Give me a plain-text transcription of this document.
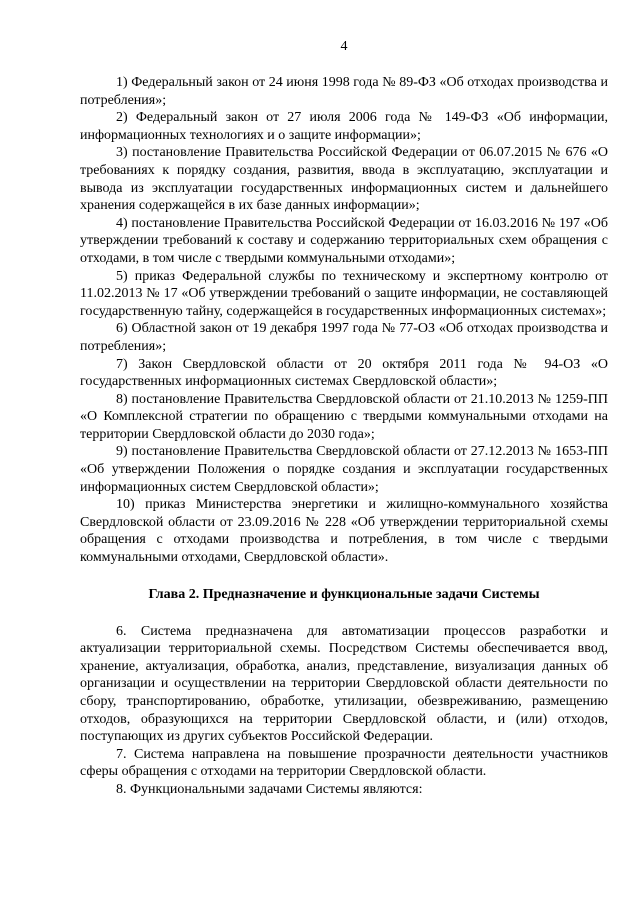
4

1) Федеральный закон от 24 июня 1998 года № 89-ФЗ «Об отходах производства и потребления»;

2) Федеральный закон от 27 июля 2006 года № 149-ФЗ «Об информации, информационных технологиях и о защите информации»;

3) постановление Правительства Российской Федерации от 06.07.2015 № 676 «О требованиях к порядку создания, развития, ввода в эксплуатацию, эксплуатации и вывода из эксплуатации государственных информационных систем и дальнейшего хранения содержащейся в их базе данных информации»;

4) постановление Правительства Российской Федерации от 16.03.2016 № 197 «Об утверждении требований к составу и содержанию территориальных схем обращения с отходами, в том числе с твердыми коммунальными отходами»;

5) приказ Федеральной службы по техническому и экспертному контролю от 11.02.2013 № 17 «Об утверждении требований о защите информации, не составляющей государственную тайну, содержащейся в государственных информационных системах»;

6) Областной закон от 19 декабря 1997 года № 77-ОЗ «Об отходах производства и потребления»;

7) Закон Свердловской области от 20 октября 2011 года № 94-ОЗ «О государственных информационных системах Свердловской области»;

8) постановление Правительства Свердловской области от 21.10.2013 № 1259-ПП «О Комплексной стратегии по обращению с твердыми коммунальными отходами на территории Свердловской области до 2030 года»;

9) постановление Правительства Свердловской области от 27.12.2013 № 1653-ПП «Об утверждении Положения о порядке создания и эксплуатации государственных информационных систем Свердловской области»;

10) приказ Министерства энергетики и жилищно-коммунального хозяйства Свердловской области от 23.09.2016 № 228 «Об утверждении территориальной схемы обращения с отходами производства и потребления, в том числе с твердыми коммунальными отходами, Свердловской области».

Глава 2. Предназначение и функциональные задачи Системы

6. Система предназначена для автоматизации процессов разработки и актуализации территориальной схемы. Посредством Системы обеспечивается ввод, хранение, актуализация, обработка, анализ, представление, визуализация данных об организации и осуществлении на территории Свердловской области деятельности по сбору, транспортированию, обработке, утилизации, обезвреживанию, размещению отходов, образующихся на территории Свердловской области, и (или) отходов, поступающих из других субъектов Российской Федерации.

7. Система направлена на повышение прозрачности деятельности участников сферы обращения с отходами на территории Свердловской области.

8. Функциональными задачами Системы являются:
